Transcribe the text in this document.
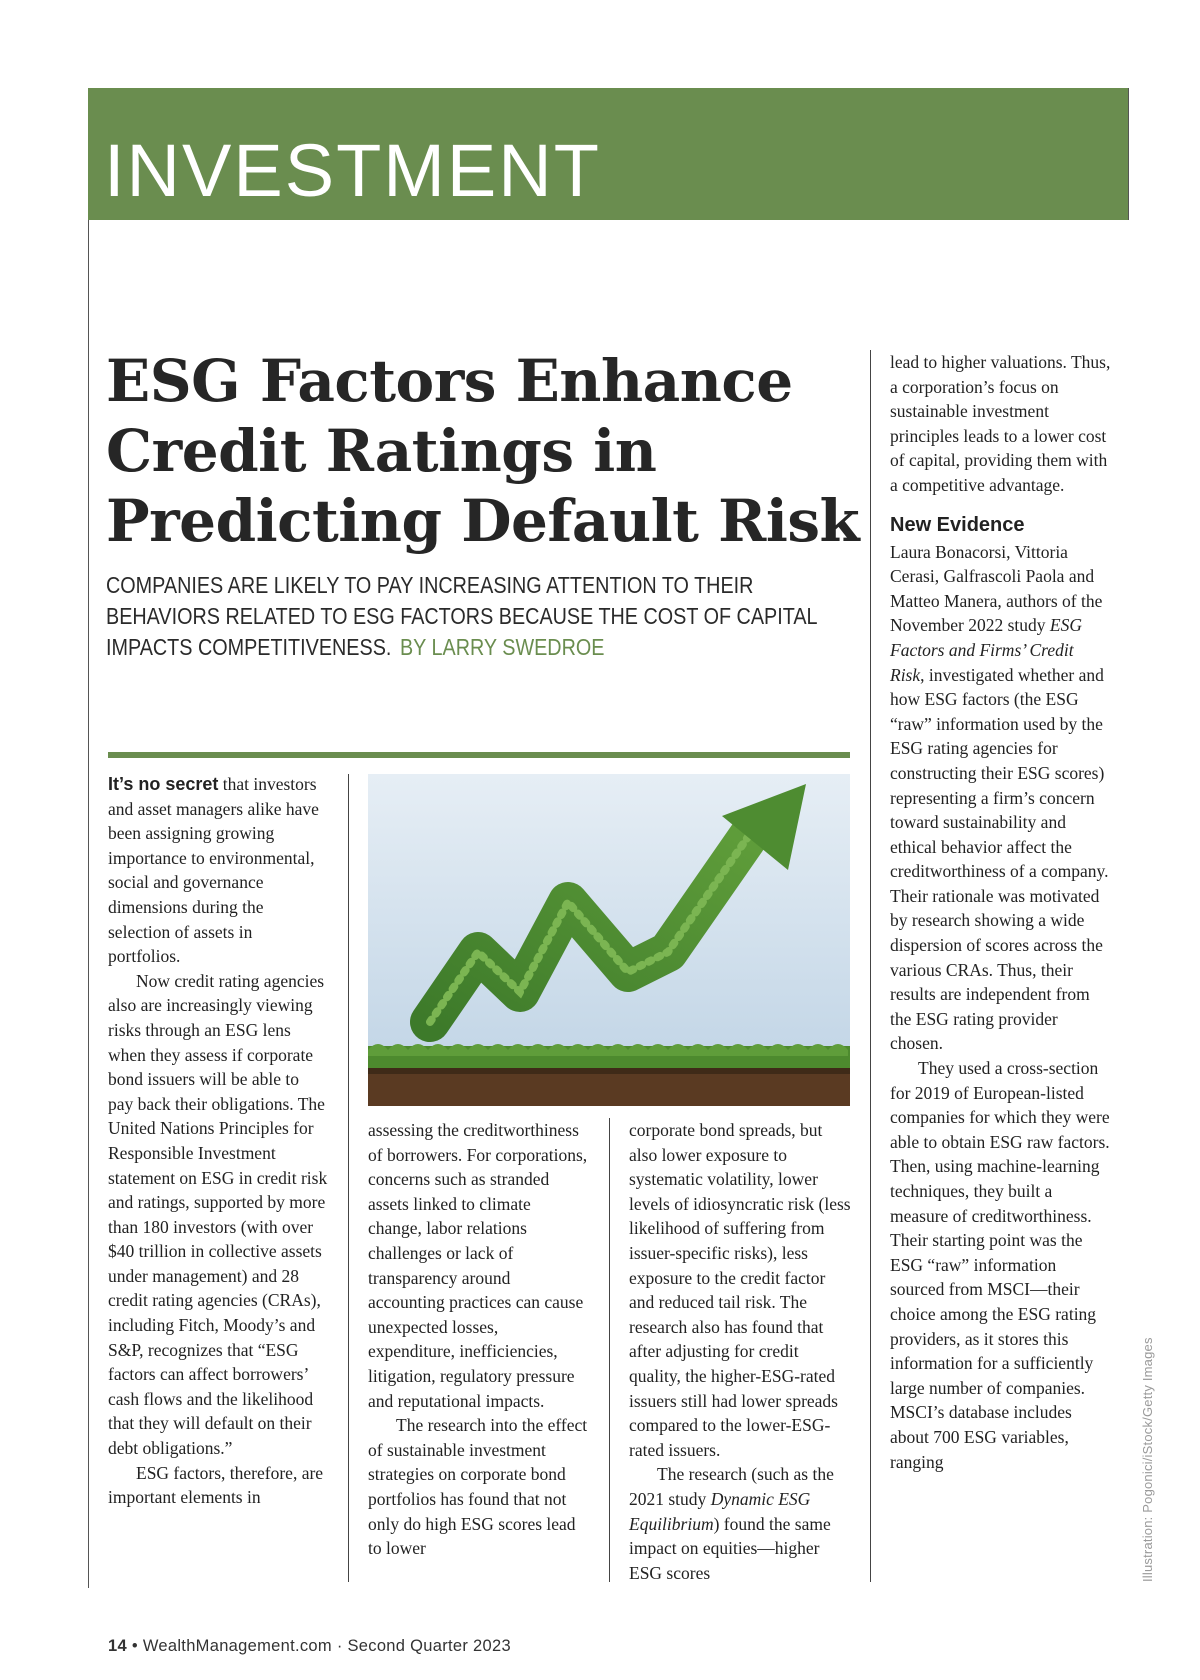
INVESTMENT
ESG Factors Enhance Credit Ratings in Predicting Default Risk
COMPANIES ARE LIKELY TO PAY INCREASING ATTENTION TO THEIR BEHAVIORS RELATED TO ESG FACTORS BECAUSE THE COST OF CAPITAL IMPACTS COMPETITIVENESS. BY LARRY SWEDROE

It’s no secret that investors and asset managers alike have been assigning growing importance to environmental, social and governance dimensions during the selection of assets in portfolios.

Now credit rating agencies also are increasingly viewing risks through an ESG lens when they assess if corporate bond issuers will be able to pay back their obligations. The United Nations Principles for Responsible Investment statement on ESG in credit risk and ratings, supported by more than 180 investors (with over $40 trillion in collective assets under management) and 28 credit rating agencies (CRAs), including Fitch, Moody’s and S&P, recognizes that “ESG factors can affect borrowers’ cash flows and the likelihood that they will default on their debt obligations.”

ESG factors, therefore, are important elements in

assessing the creditworthiness of borrowers. For corporations, concerns such as stranded assets linked to climate change, labor relations challenges or lack of transparency around accounting practices can cause unexpected losses, expenditure, inefficiencies, litigation, regulatory pressure and reputational impacts.

The research into the effect of sustainable investment strategies on corporate bond portfolios has found that not only do high ESG scores lead to lower

corporate bond spreads, but also lower exposure to systematic volatility, lower levels of idiosyncratic risk (less likelihood of suffering from issuer-specific risks), less exposure to the credit factor and reduced tail risk. The research also has found that after adjusting for credit quality, the higher-ESG-rated issuers still had lower spreads compared to the lower-ESG-rated issuers.

The research (such as the 2021 study Dynamic ESG Equilibrium) found the same impact on equities—higher ESG scores

lead to higher valuations. Thus, a corporation’s focus on sustainable investment principles leads to a lower cost of capital, providing them with a competitive advantage.

New Evidence

Laura Bonacorsi, Vittoria Cerasi, Galfrascoli Paola and Matteo Manera, authors of the November 2022 study ESG Factors and Firms’ Credit Risk, investigated whether and how ESG factors (the ESG “raw” information used by the ESG rating agencies for constructing their ESG scores) representing a firm’s concern toward sustainability and ethical behavior affect the creditworthiness of a company. Their rationale was motivated by research showing a wide dispersion of scores across the various CRAs. Thus, their results are independent from the ESG rating provider chosen.

They used a cross-section for 2019 of European-listed companies for which they were able to obtain ESG raw factors. Then, using machine-learning techniques, they built a measure of creditworthiness. Their starting point was the ESG “raw” information sourced from MSCI—their choice among the ESG rating providers, as it stores this information for a sufficiently large number of companies. MSCI’s database includes about 700 ESG variables, ranging	Illustration: Pogonici/iStock/Getty Images
14 • WealthManagement.com · Second Quarter 2023
